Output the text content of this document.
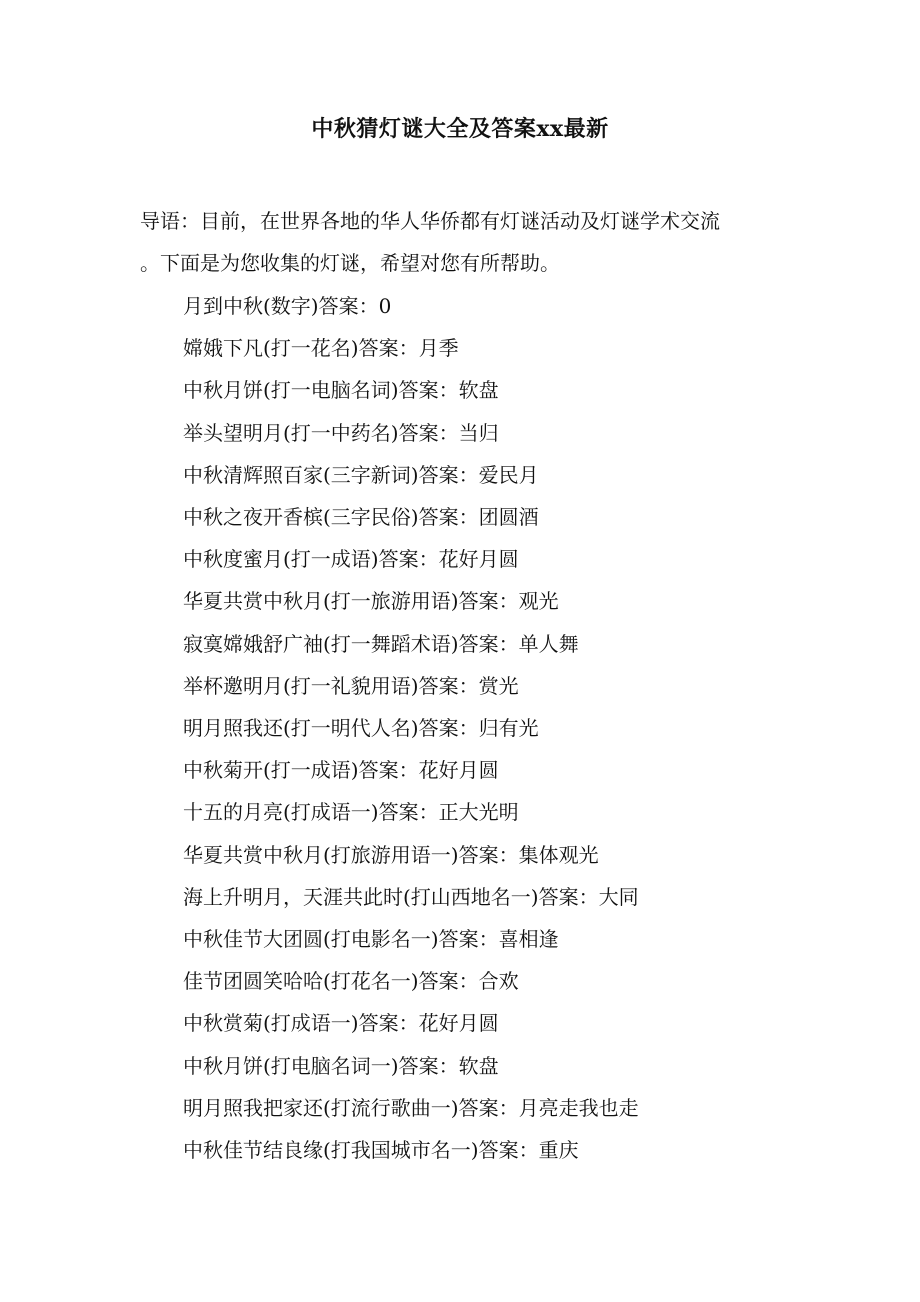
中秋猜灯谜大全及答案xx最新

导语：目前，在世界各地的华人华侨都有灯谜活动及灯谜学术交流

。下面是为您收集的灯谜，希望对您有所帮助。

月到中秋(数字)答案：0
嫦娥下凡(打一花名)答案：月季
中秋月饼(打一电脑名词)答案：软盘
举头望明月(打一中药名)答案：当归
中秋清辉照百家(三字新词)答案：爱民月
中秋之夜开香槟(三字民俗)答案：团圆酒
中秋度蜜月(打一成语)答案：花好月圆
华夏共赏中秋月(打一旅游用语)答案：观光
寂寞嫦娥舒广袖(打一舞蹈术语)答案：单人舞
举杯邀明月(打一礼貌用语)答案：赏光
明月照我还(打一明代人名)答案：归有光
中秋菊开(打一成语)答案：花好月圆
十五的月亮(打成语一)答案：正大光明
华夏共赏中秋月(打旅游用语一)答案：集体观光
海上升明月，天涯共此时(打山西地名一)答案：大同
中秋佳节大团圆(打电影名一)答案：喜相逢
佳节团圆笑哈哈(打花名一)答案：合欢
中秋赏菊(打成语一)答案：花好月圆
中秋月饼(打电脑名词一)答案：软盘
明月照我把家还(打流行歌曲一)答案：月亮走我也走
中秋佳节结良缘(打我国城市名一)答案：重庆
